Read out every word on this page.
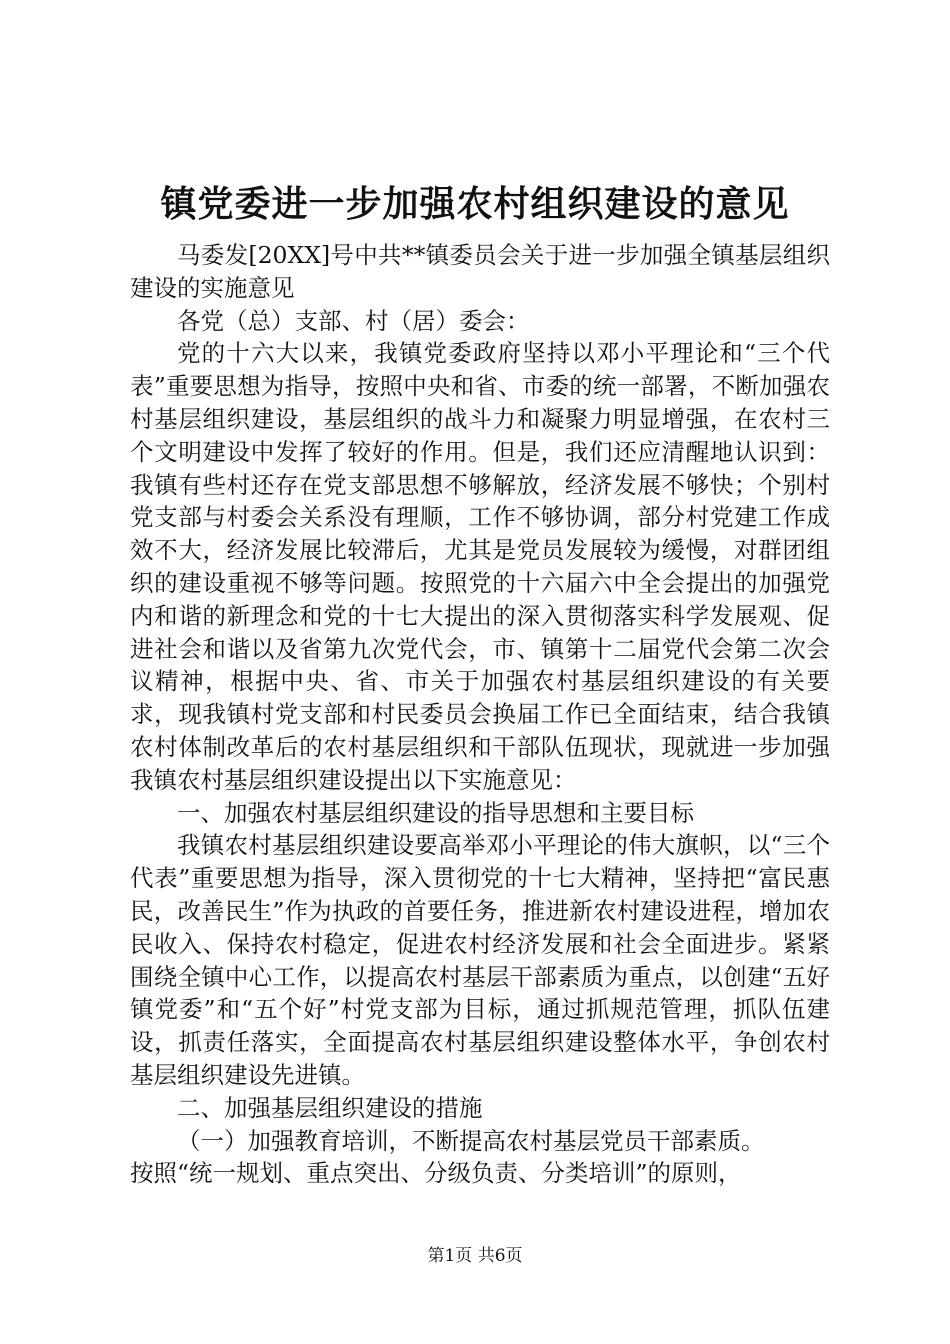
镇党委进一步加强农村组织建设的意见

马委发[20XX]号中共**镇委员会关于进一步加强全镇基层组织建设的实施意见

各党（总）支部、村（居）委会：

党的十六大以来，我镇党委政府坚持以邓小平理论和“三个代表”重要思想为指导，按照中央和省、市委的统一部署，不断加强农村基层组织建设，基层组织的战斗力和凝聚力明显增强，在农村三个文明建设中发挥了较好的作用。但是，我们还应清醒地认识到：我镇有些村还存在党支部思想不够解放，经济发展不够快；个别村党支部与村委会关系没有理顺，工作不够协调，部分村党建工作成效不大，经济发展比较滞后，尤其是党员发展较为缓慢，对群团组织的建设重视不够等问题。按照党的十六届六中全会提出的加强党内和谐的新理念和党的十七大提出的深入贯彻落实科学发展观、促进社会和谐以及省第九次党代会，市、镇第十二届党代会第二次会议精神，根据中央、省、市关于加强农村基层组织建设的有关要求，现我镇村党支部和村民委员会换届工作已全面结束，结合我镇农村体制改革后的农村基层组织和干部队伍现状，现就进一步加强我镇农村基层组织建设提出以下实施意见：

一、加强农村基层组织建设的指导思想和主要目标

我镇农村基层组织建设要高举邓小平理论的伟大旗帜，以“三个代表”重要思想为指导，深入贯彻党的十七大精神，坚持把“富民惠民，改善民生”作为执政的首要任务，推进新农村建设进程，增加农民收入、保持农村稳定，促进农村经济发展和社会全面进步。紧紧围绕全镇中心工作，以提高农村基层干部素质为重点，以创建“五好镇党委”和“五个好”村党支部为目标，通过抓规范管理，抓队伍建设，抓责任落实，全面提高农村基层组织建设整体水平，争创农村基层组织建设先进镇。

二、加强基层组织建设的措施

（一）加强教育培训，不断提高农村基层党员干部素质。

按照“统一规划、重点突出、分级负责、分类培训”的原则，

第1页 共6页
